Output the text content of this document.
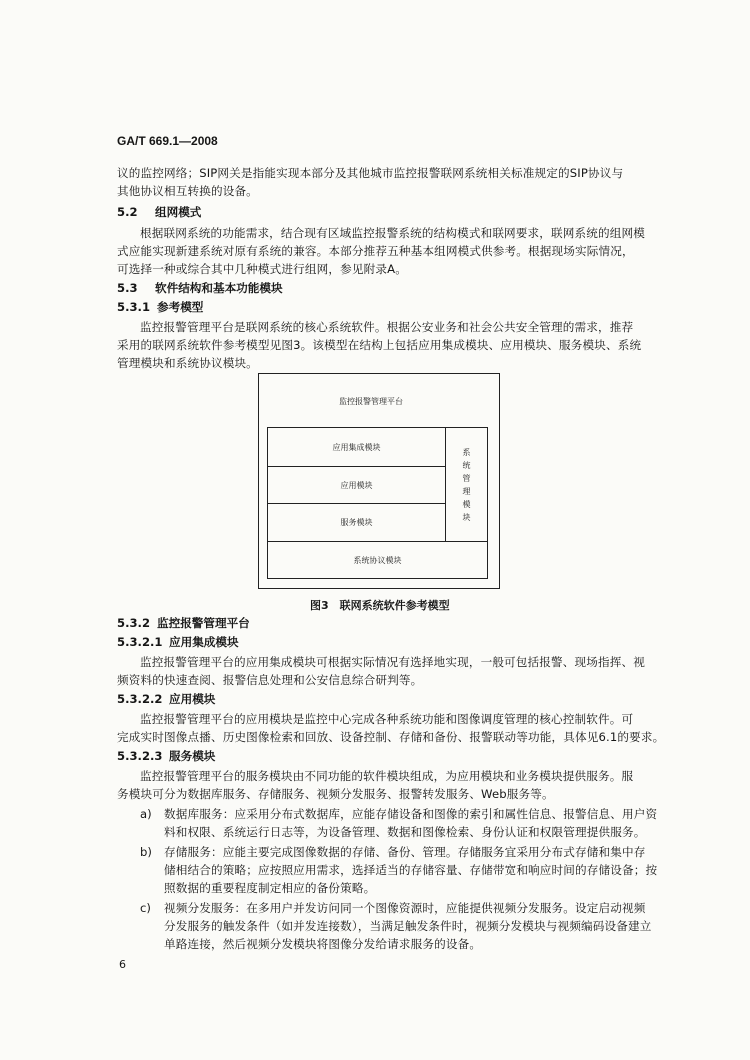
GA/T 669.1—2008
议的监控网络；SIP网关是指能实现本部分及其他城市监控报警联网系统相关标准规定的SIP协议与
其他协议相互转换的设备。
5.2 组网模式
根据联网系统的功能需求，结合现有区域监控报警系统的结构模式和联网要求，联网系统的组网模
式应能实现新建系统对原有系统的兼容。本部分推荐五种基本组网模式供参考。根据现场实际情况，
可选择一种或综合其中几种模式进行组网，参见附录A。
5.3 软件结构和基本功能模块
5.3.1 参考模型
监控报警管理平台是联网系统的核心系统软件。根据公安业务和社会公共安全管理的需求，推荐
采用的联网系统软件参考模型见图3。该模型在结构上包括应用集成模块、应用模块、服务模块、系统
管理模块和系统协议模块。
监控报警管理平台
应用集成模块
应用模块
服务模块
系
统
管
理
模
块
系统协议模块
图3　联网系统软件参考模型
5.3.2 监控报警管理平台
5.3.2.1 应用集成模块
监控报警管理平台的应用集成模块可根据实际情况有选择地实现，一般可包括报警、现场指挥、视
频资料的快速查阅、报警信息处理和公安信息综合研判等。
5.3.2.2 应用模块
监控报警管理平台的应用模块是监控中心完成各种系统功能和图像调度管理的核心控制软件。可
完成实时图像点播、历史图像检索和回放、设备控制、存储和备份、报警联动等功能，具体见6.1的要求。
5.3.2.3 服务模块
监控报警管理平台的服务模块由不同功能的软件模块组成，为应用模块和业务模块提供服务。服
务模块可分为数据库服务、存储服务、视频分发服务、报警转发服务、Web服务等。
a) 数据库服务：应采用分布式数据库，应能存储设备和图像的索引和属性信息、报警信息、用户资
料和权限、系统运行日志等，为设备管理、数据和图像检索、身份认证和权限管理提供服务。
b) 存储服务：应能主要完成图像数据的存储、备份、管理。存储服务宜采用分布式存储和集中存
储相结合的策略；应按照应用需求，选择适当的存储容量、存储带宽和响应时间的存储设备；按
照数据的重要程度制定相应的备份策略。
c) 视频分发服务：在多用户并发访问同一个图像资源时，应能提供视频分发服务。设定启动视频
分发服务的触发条件（如并发连接数），当满足触发条件时，视频分发模块与视频编码设备建立
单路连接，然后视频分发模块将图像分发给请求服务的设备。
6
